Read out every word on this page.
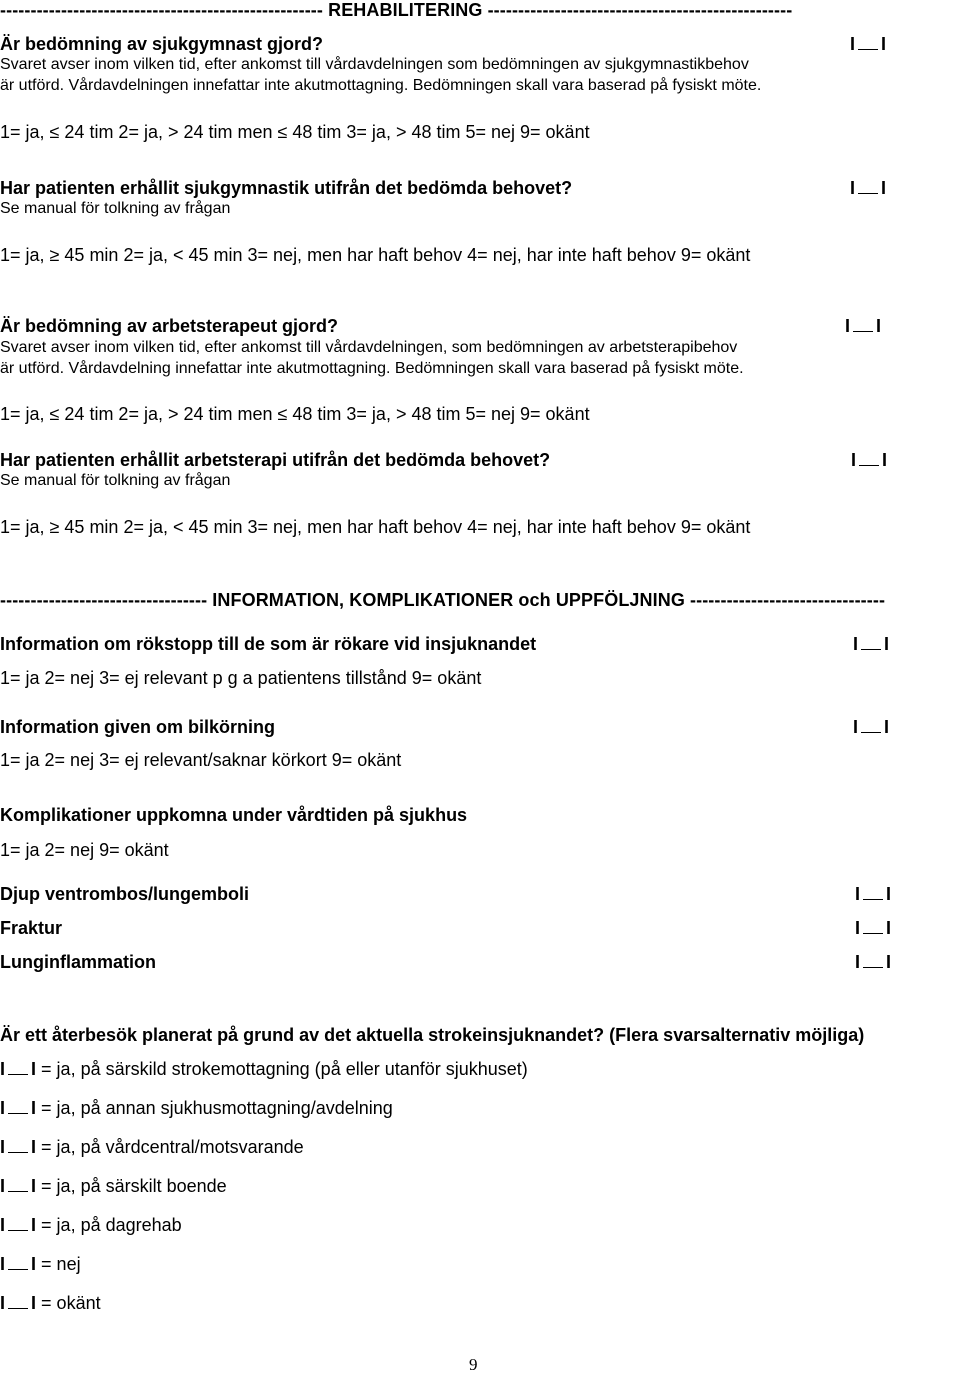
----------------------------------------------------- REHABILITERING --------------------------------------------------
Är bedömning av sjukgymnast gjord?	I I
Svaret avser inom vilken tid, efter ankomst till vårdavdelningen som bedömningen av sjukgymnastikbehov
är utförd. Vårdavdelningen innefattar inte akutmottagning. Bedömningen skall vara baserad på fysiskt möte.
1= ja, ≤ 24 tim 2= ja, > 24 tim men ≤ 48 tim 3= ja, > 48 tim 5= nej 9= okänt
Har patienten erhållit sjukgymnastik utifrån det bedömda behovet?	I I
Se manual för tolkning av frågan
1= ja, ≥ 45 min 2= ja, < 45 min 3= nej, men har haft behov 4= nej, har inte haft behov 9= okänt
Är bedömning av arbetsterapeut gjord?	I I
Svaret avser inom vilken tid, efter ankomst till vårdavdelningen, som bedömningen av arbetsterapibehov
är utförd. Vårdavdelning innefattar inte akutmottagning. Bedömningen skall vara baserad på fysiskt möte.
1= ja, ≤ 24 tim 2= ja, > 24 tim men ≤ 48 tim 3= ja, > 48 tim 5= nej 9= okänt
Har patienten erhållit arbetsterapi utifrån det bedömda behovet?	I I
Se manual för tolkning av frågan
1= ja, ≥ 45 min 2= ja, < 45 min 3= nej, men har haft behov 4= nej, har inte haft behov 9= okänt
---------------------------------- INFORMATION, KOMPLIKATIONER och UPPFÖLJNING --------------------------------
Information om rökstopp till de som är rökare vid insjuknandet	I I
1= ja 2= nej 3= ej relevant p g a patientens tillstånd 9= okänt
Information given om bilkörning	I I
1= ja 2= nej 3= ej relevant/saknar körkort 9= okänt
Komplikationer uppkomna under vårdtiden på sjukhus
1= ja 2= nej 9= okänt
Djup ventrombos/lungemboli	I I
Fraktur	I I
Lunginflammation	I I
Är ett återbesök planerat på grund av det aktuella strokeinsjuknandet? (Flera svarsalternativ möjliga)
I I = ja, på särskild strokemottagning (på eller utanför sjukhuset)
I I = ja, på annan sjukhusmottagning/avdelning
I I = ja, på vårdcentral/motsvarande
I I = ja, på särskilt boende
I I = ja, på dagrehab
I I = nej
I I = okänt
9
